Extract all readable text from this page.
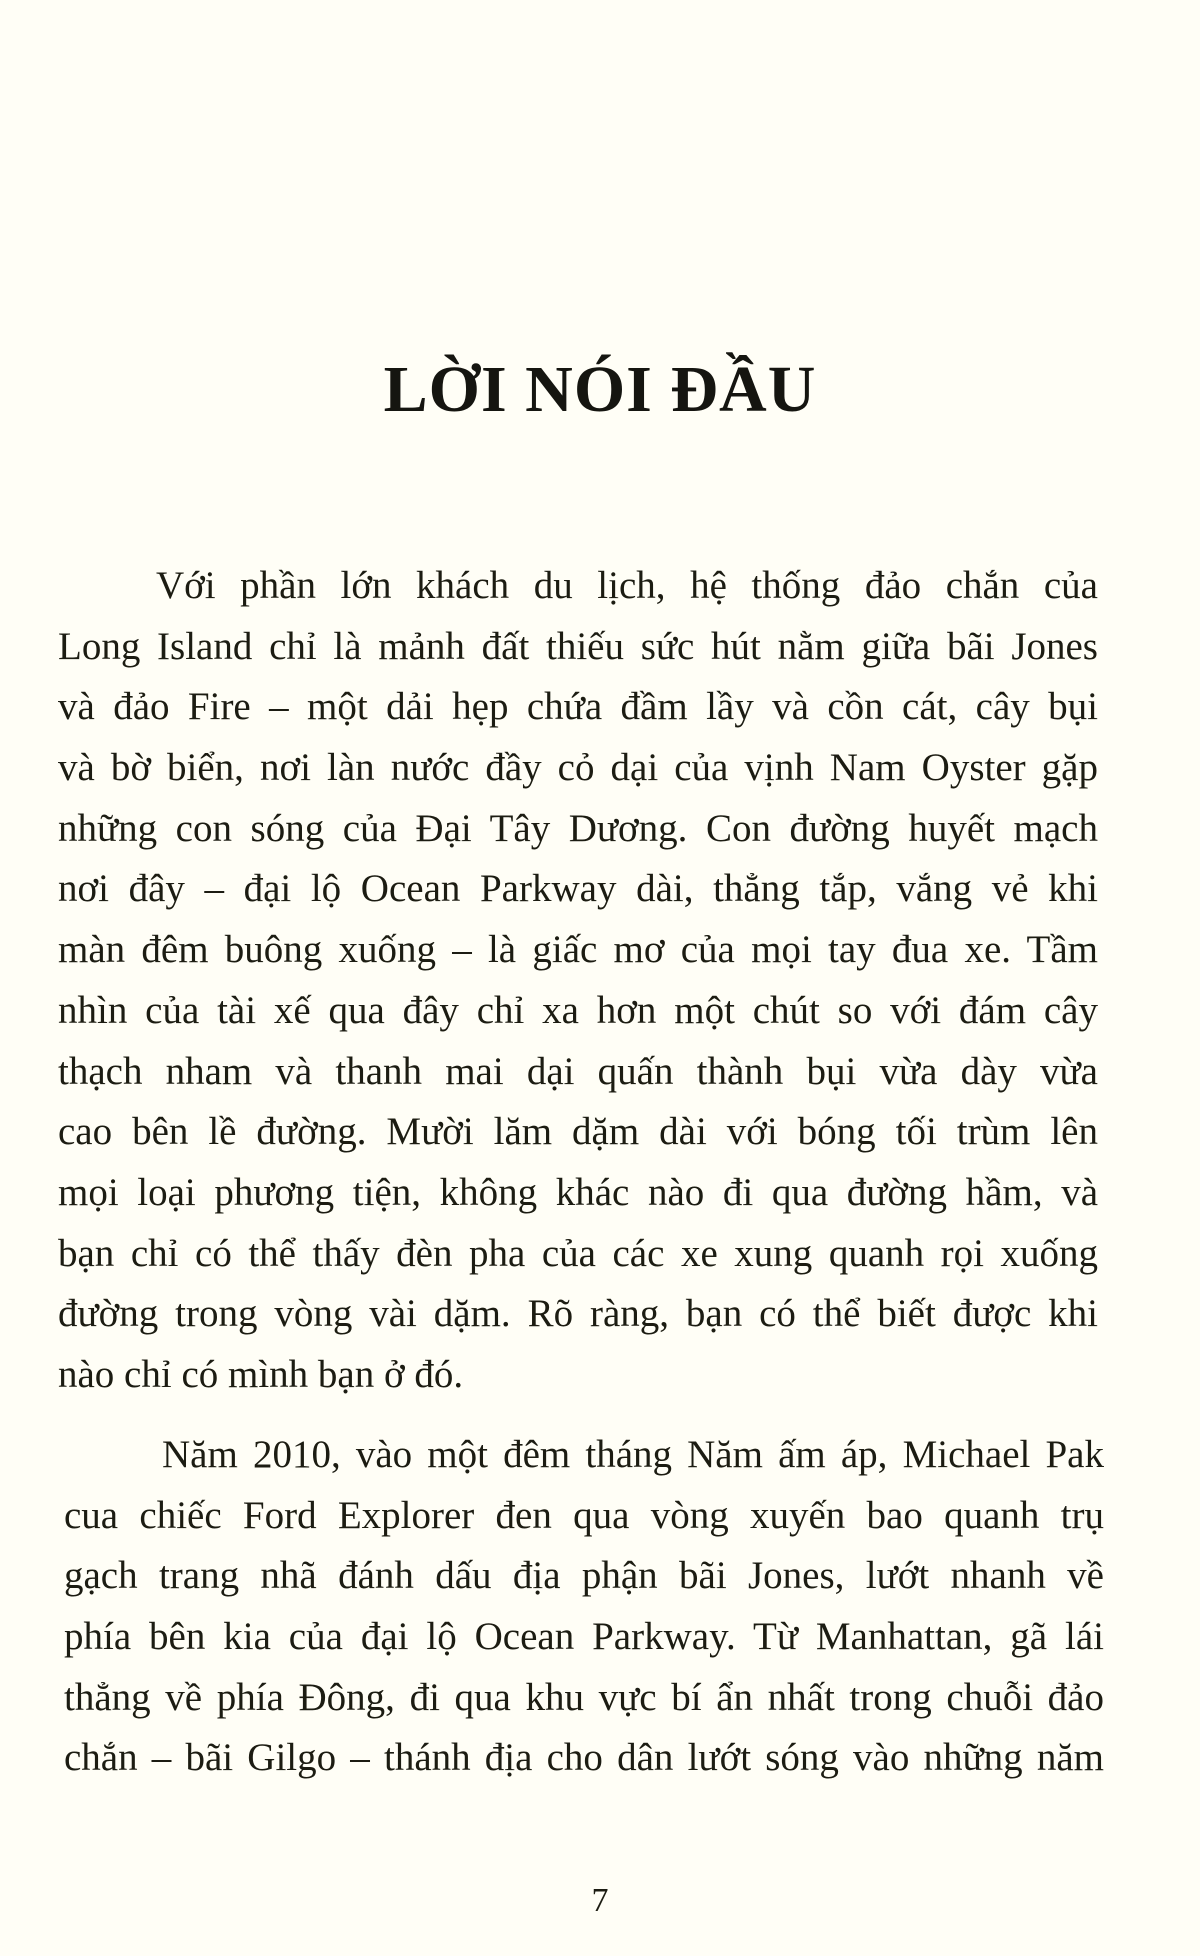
LỜI NÓI ĐẦU
Với phần lớn khách du lịch, hệ thống đảo chắn của
Long Island chỉ là mảnh đất thiếu sức hút nằm giữa bãi Jones
và đảo Fire – một dải hẹp chứa đầm lầy và cồn cát, cây bụi
và bờ biển, nơi làn nước đầy cỏ dại của vịnh Nam Oyster gặp
những con sóng của Đại Tây Dương. Con đường huyết mạch
nơi đây – đại lộ Ocean Parkway dài, thẳng tắp, vắng vẻ khi
màn đêm buông xuống – là giấc mơ của mọi tay đua xe. Tầm
nhìn của tài xế qua đây chỉ xa hơn một chút so với đám cây
thạch nham và thanh mai dại quấn thành bụi vừa dày vừa
cao bên lề đường. Mười lăm dặm dài với bóng tối trùm lên
mọi loại phương tiện, không khác nào đi qua đường hầm, và
bạn chỉ có thể thấy đèn pha của các xe xung quanh rọi xuống
đường trong vòng vài dặm. Rõ ràng, bạn có thể biết được khi
nào chỉ có mình bạn ở đó.
Năm 2010, vào một đêm tháng Năm ấm áp, Michael Pak
cua chiếc Ford Explorer đen qua vòng xuyến bao quanh trụ
gạch trang nhã đánh dấu địa phận bãi Jones, lướt nhanh về
phía bên kia của đại lộ Ocean Parkway. Từ Manhattan, gã lái
thẳng về phía Đông, đi qua khu vực bí ẩn nhất trong chuỗi đảo
chắn – bãi Gilgo – thánh địa cho dân lướt sóng vào những năm
7
